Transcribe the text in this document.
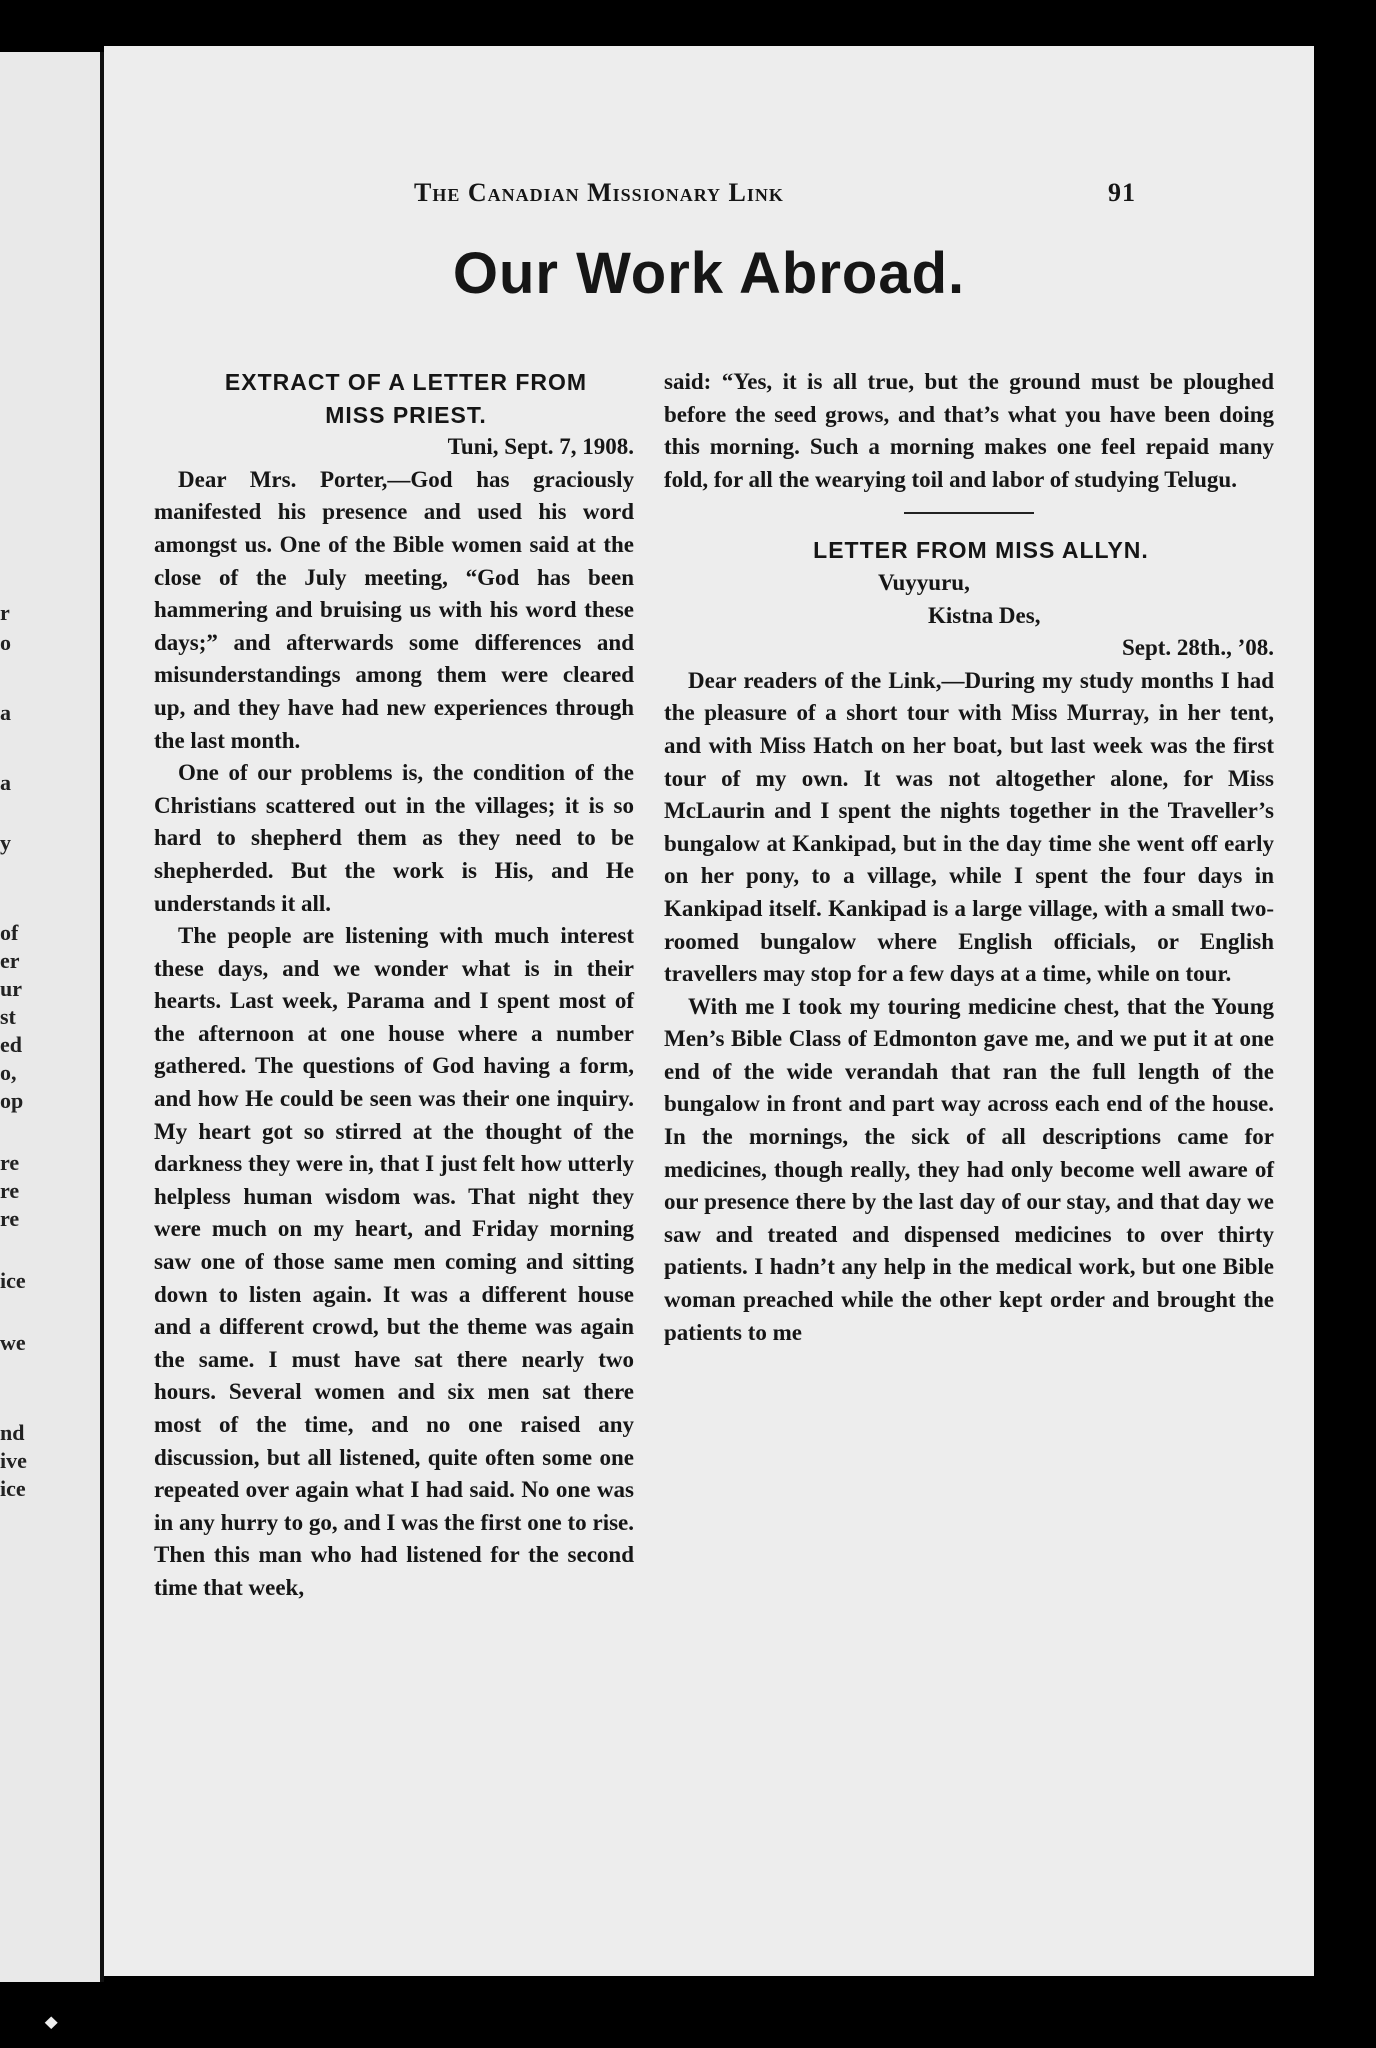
r
o
a
a
y
of
er
ur
st
ed
o,
op
re
re
re
ice
we
nd
ive
ice
The Canadian Missionary Link	91
Our Work Abroad.

EXTRACT OF A LETTER FROM

MISS PRIEST.

Tuni, Sept. 7, 1908.

Dear Mrs. Porter,—God has graciously manifested his presence and used his word amongst us. One of the Bible women said at the close of the July meeting, “God has been hammering and bruising us with his word these days;” and afterwards some differences and misunderstandings among them were cleared up, and they have had new experiences through the last month.

One of our problems is, the condition of the Christians scattered out in the villages; it is so hard to shepherd them as they need to be shepherded. But the work is His, and He understands it all.

The people are listening with much interest these days, and we wonder what is in their hearts. Last week, Parama and I spent most of the afternoon at one house where a number gathered. The questions of God having a form, and how He could be seen was their one inquiry. My heart got so stirred at the thought of the darkness they were in, that I just felt how utterly helpless human wisdom was. That night they were much on my heart, and Friday morning saw one of those same men coming and sitting down to listen again. It was a different house and a different crowd, but the theme was again the same. I must have sat there nearly two hours. Several women and six men sat there most of the time, and no one raised any discussion, but all listened, quite often some one repeated over again what I had said. No one was in any hurry to go, and I was the first one to rise. Then this man who had listened for the second time that week,

said: “Yes, it is all true, but the ground must be ploughed before the seed grows, and that’s what you have been doing this morning. Such a morning makes one feel repaid many fold, for all the wearying toil and labor of studying Telugu.

LETTER FROM MISS ALLYN.

Vuyyuru,

Kistna Des,

Sept. 28th., ’08.

Dear readers of the Link,—During my study months I had the pleasure of a short tour with Miss Murray, in her tent, and with Miss Hatch on her boat, but last week was the first tour of my own. It was not altogether alone, for Miss McLaurin and I spent the nights together in the Traveller’s bungalow at Kankipad, but in the day time she went off early on her pony, to a village, while I spent the four days in Kankipad itself. Kankipad is a large village, with a small two-roomed bungalow where English officials, or English travellers may stop for a few days at a time, while on tour.

With me I took my touring medicine chest, that the Young Men’s Bible Class of Edmonton gave me, and we put it at one end of the wide verandah that ran the full length of the bungalow in front and part way across each end of the house. In the mornings, the sick of all descriptions came for medicines, though really, they had only become well aware of our presence there by the last day of our stay, and that day we saw and treated and dispensed medicines to over thirty patients. I hadn’t any help in the medical work, but one Bible woman preached while the other kept order and brought the patients to me

⯁
